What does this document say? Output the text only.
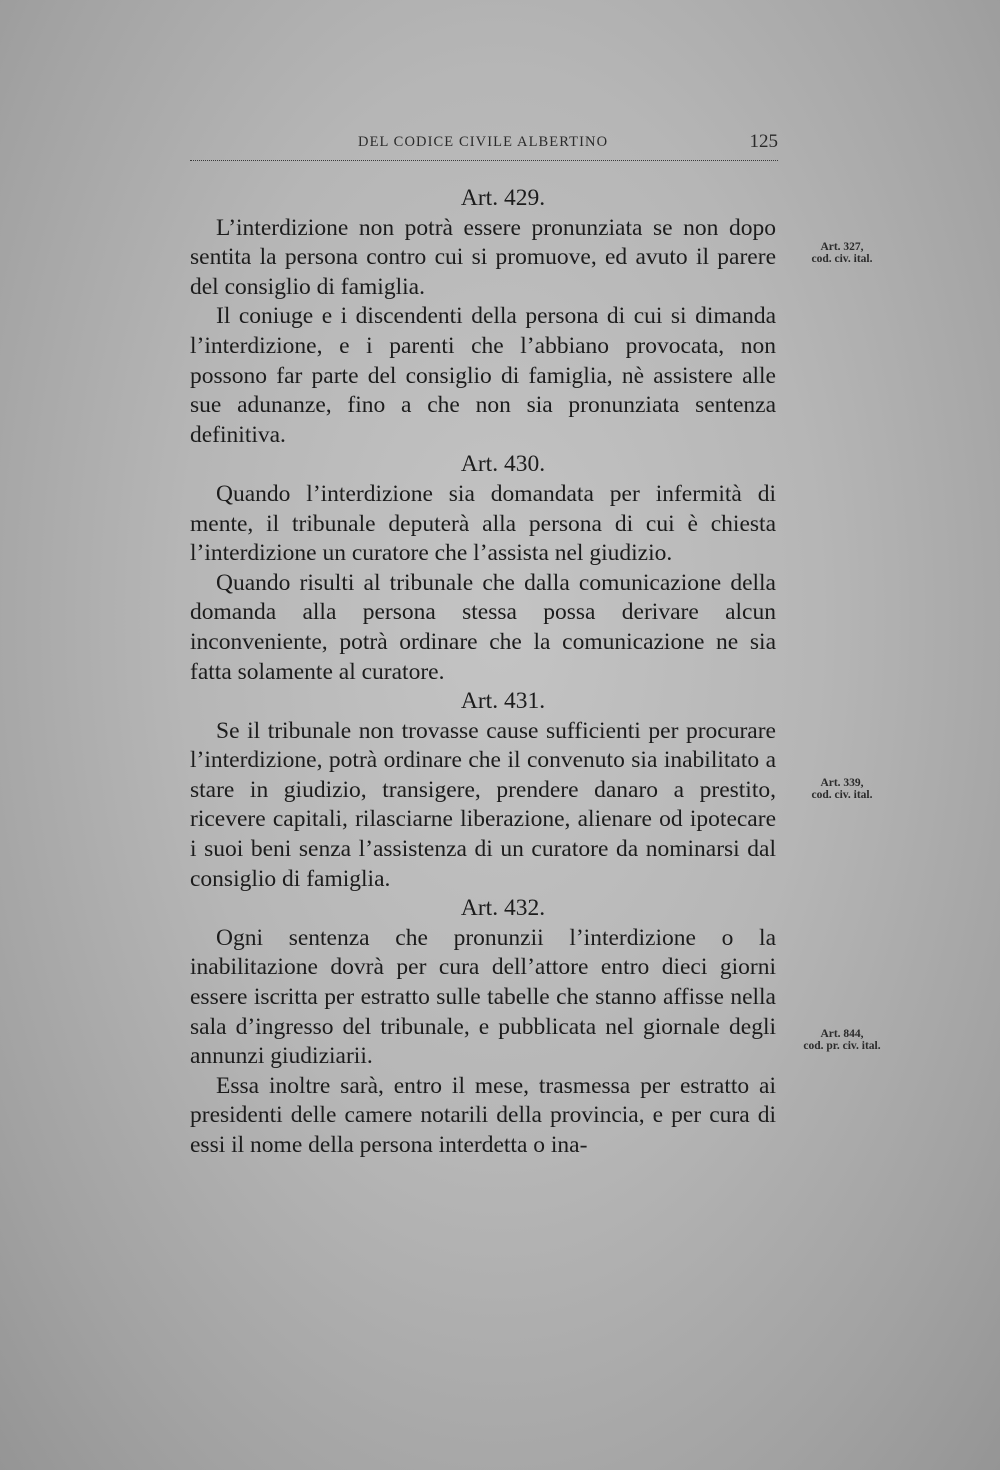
DEL CODICE CIVILE ALBERTINO	125
Art. 429.

L’interdizione non potrà essere pronunziata se non dopo sentita la persona contro cui si promuove, ed avuto il parere del consiglio di famiglia.

Il coniuge e i discendenti della persona di cui si dimanda l’interdizione, e i parenti che l’abbiano provocata, non possono far parte del consiglio di famiglia, nè assistere alle sue adunanze, fino a che non sia pronunziata sentenza definitiva.

Art. 430.

Quando l’interdizione sia domandata per infermità di mente, il tribunale deputerà alla persona di cui è chiesta l’interdizione un curatore che l’assista nel giudizio.

Quando risulti al tribunale che dalla comunicazione della domanda alla persona stessa possa derivare alcun inconveniente, potrà ordinare che la comunicazione ne sia fatta solamente al curatore.

Art. 431.

Se il tribunale non trovasse cause sufficienti per procurare l’interdizione, potrà ordinare che il convenuto sia inabilitato a stare in giudizio, transigere, prendere danaro a prestito, ricevere capitali, rilasciarne liberazione, alienare od ipotecare i suoi beni senza l’assistenza di un curatore da nominarsi dal consiglio di famiglia.

Art. 432.

Ogni sentenza che pronunzii l’interdizione o la inabilitazione dovrà per cura dell’attore entro dieci giorni essere iscritta per estratto sulle tabelle che stanno affisse nella sala d’ingresso del tribunale, e pubblicata nel giornale degli annunzi giudiziarii.

Essa inoltre sarà, entro il mese, trasmessa per estratto ai presidenti delle camere notarili della provincia, e per cura di essi il nome della persona interdetta o ina-

Art. 327,
cod. civ. ital.
Art. 339,
cod. civ. ital.
Art. 844,
cod. pr. civ. ital.
